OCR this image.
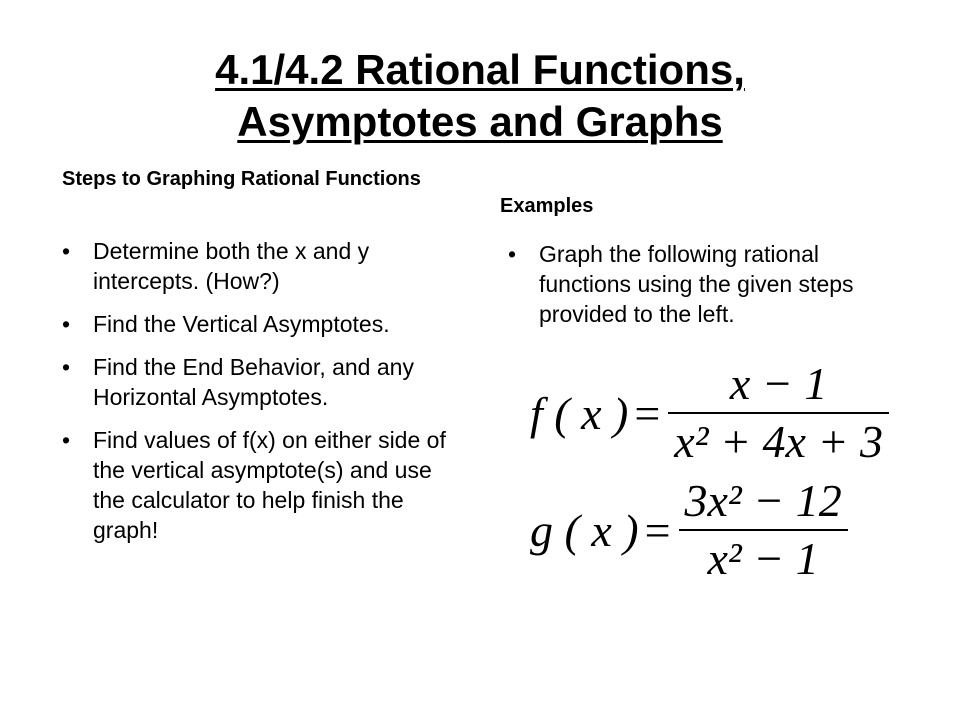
4.1/4.2 Rational Functions,
Asymptotes and Graphs
Steps to Graphing Rational Functions
• Determine both the x and y intercepts. (How?)
• Find the Vertical Asymptotes.
• Find the End Behavior, and any Horizontal Asymptotes.
• Find values of f(x) on either side of the vertical asymptote(s) and use the calculator to help finish the graph!
Examples
• Graph the following rational functions using the given steps provided to the left.
f ( x ) = $\frac{x - 1}{\text{x² + 4x + 3}}$
g ( x ) = $\frac{\text{3x² − 12}}{\text{x² − 1}}$
